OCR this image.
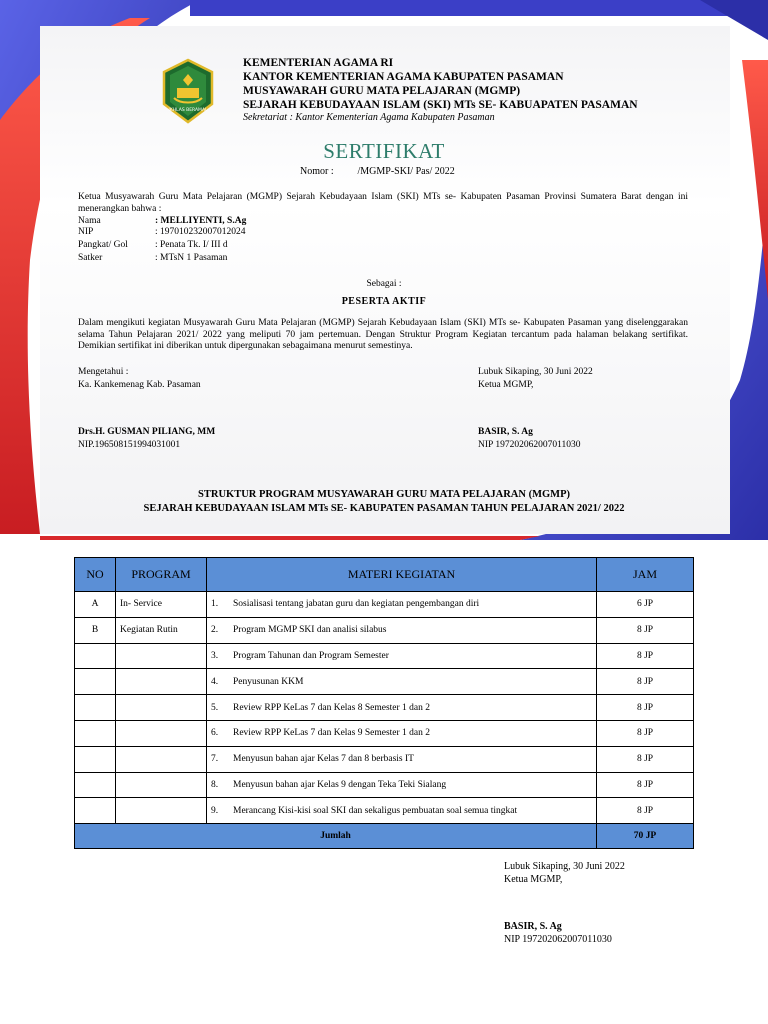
IKHLAS BERAMAL
KEMENTERIAN AGAMA RI
KANTOR KEMENTERIAN AGAMA KABUPATEN PASAMAN
MUSYAWARAH GURU MATA PELAJARAN (MGMP)
SEJARAH KEBUDAYAAN ISLAM (SKI) MTs SE- KABUAPATEN PASAMAN
Sekretariat : Kantor Kementerian Agama Kabupaten Pasaman
SERTIFIKAT
Nomor : /MGMP-SKI/ Pas/ 2022
Ketua Musyawarah Guru Mata Pelajaran (MGMP) Sejarah Kebudayaan Islam (SKI) MTs se- Kabupaten Pasaman Provinsi Sumatera Barat dengan ini menerangkan bahwa :
Nama	: MELLIYENTI, S.Ag
NIP	: 197010232007012024
Pangkat/ Gol	: Penata Tk. I/ III d
Satker	: MTsN 1 Pasaman
Sebagai :
PESERTA AKTIF
Dalam mengikuti kegiatan Musyawarah Guru Mata Pelajaran (MGMP) Sejarah Kebudayaan Islam (SKI) MTs se- Kabupaten Pasaman yang diselenggarakan selama Tahun Pelajaran 2021/ 2022 yang meliputi 70 jam pertemuan. Dengan Struktur Program Kegiatan tercantum pada halaman belakang sertifikat. Demikian sertifikat ini diberikan untuk dipergunakan sebagaimana menurut semestinya.
Mengetahui :
Ka. Kankemenag Kab. Pasaman
Drs.H. GUSMAN PILIANG, MM
NIP.196508151994031001
Lubuk Sikaping, 30 Juni 2022
Ketua MGMP,
BASIR, S. Ag
NIP 197202062007011030
STRUKTUR PROGRAM MUSYAWARAH GURU MATA PELAJARAN (MGMP)
SEJARAH KEBUDAYAAN ISLAM MTs SE- KABUPATEN PASAMAN TAHUN PELAJARAN 2021/ 2022
NO	PROGRAM	MATERI KEGIATAN		JAM
A	In- Service	1.	Sosialisasi tentang jabatan guru dan kegiatan pengembangan diri	6 JP
B	Kegiatan Rutin	2.	Program MGMP SKI dan analisi silabus	8 JP
		3.	Program Tahunan dan Program Semester	8 JP
		4.	Penyusunan KKM	8 JP
		5.	Review RPP KeLas 7 dan Kelas 8 Semester 1 dan 2	8 JP
		6.	Review RPP KeLas 7 dan Kelas 9 Semester 1 dan 2	8 JP
		7.	Menyusun bahan ajar Kelas 7 dan 8 berbasis IT	8 JP
		8.	Menyusun bahan ajar Kelas 9 dengan Teka Teki Sialang	8 JP
		9.	Merancang Kisi-kisi soal SKI dan sekaligus pembuatan soal semua tingkat	8 JP
Jumlah				70 JP
Lubuk Sikaping, 30 Juni 2022
Ketua MGMP,
BASIR, S. Ag
NIP 197202062007011030
